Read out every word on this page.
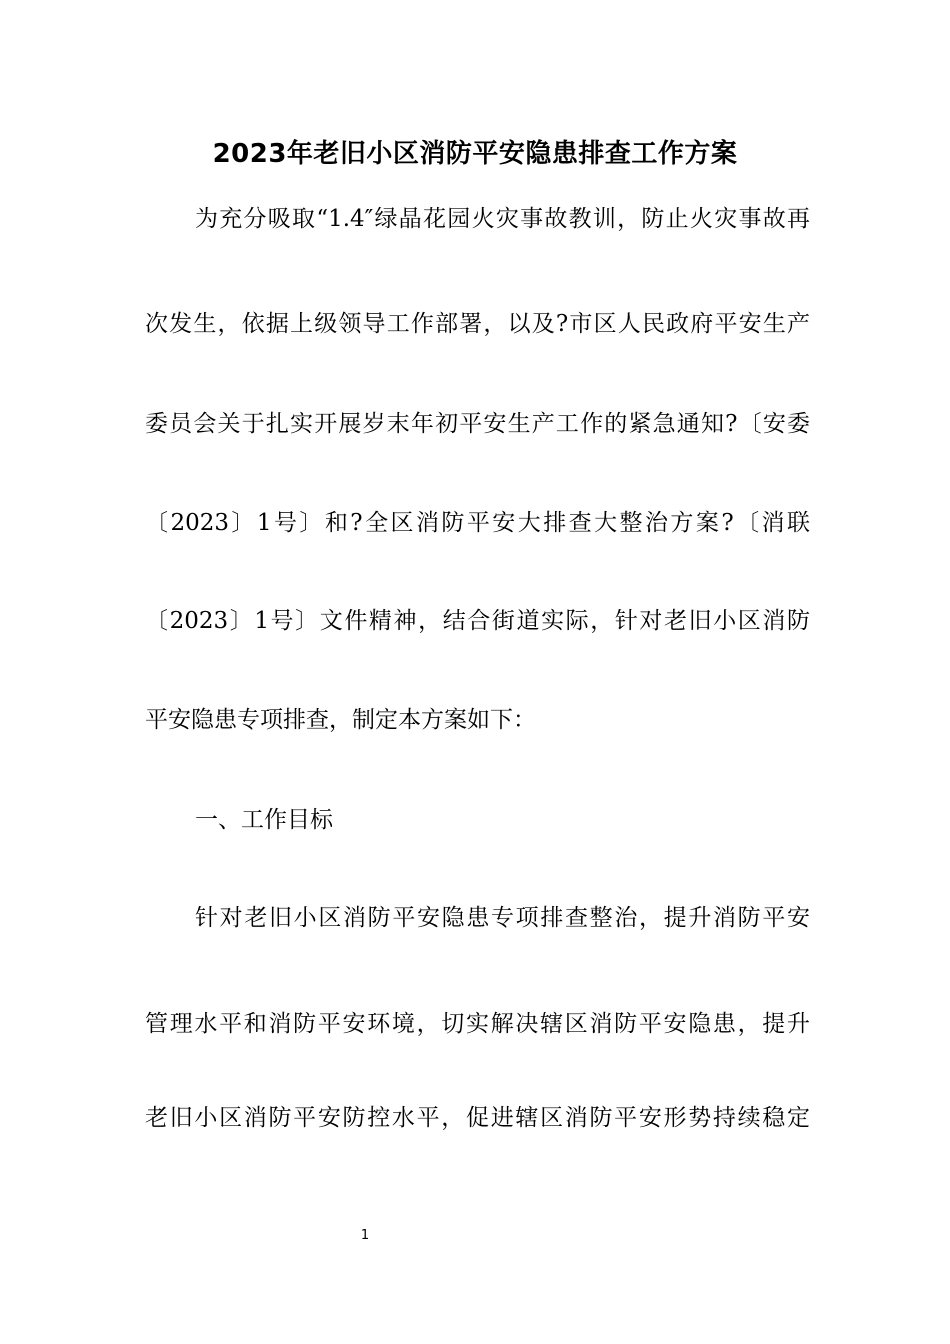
2023年老旧小区消防平安隐患排查工作方案
为充分吸取“1.4″绿晶花园火灾事故教训，防止火灾事故再
次发生，依据上级领导工作部署，以及?市区人民政府平安生产
委员会关于扎实开展岁末年初平安生产工作的紧急通知?〔安委
〔2023〕1号〕和?全区消防平安大排查大整治方案?〔消联
〔2023〕1号〕文件精神，结合街道实际，针对老旧小区消防
平安隐患专项排查，制定本方案如下：
一、工作目标
针对老旧小区消防平安隐患专项排查整治，提升消防平安
管理水平和消防平安环境，切实解决辖区消防平安隐患，提升
老旧小区消防平安防控水平，促进辖区消防平安形势持续稳定
1
